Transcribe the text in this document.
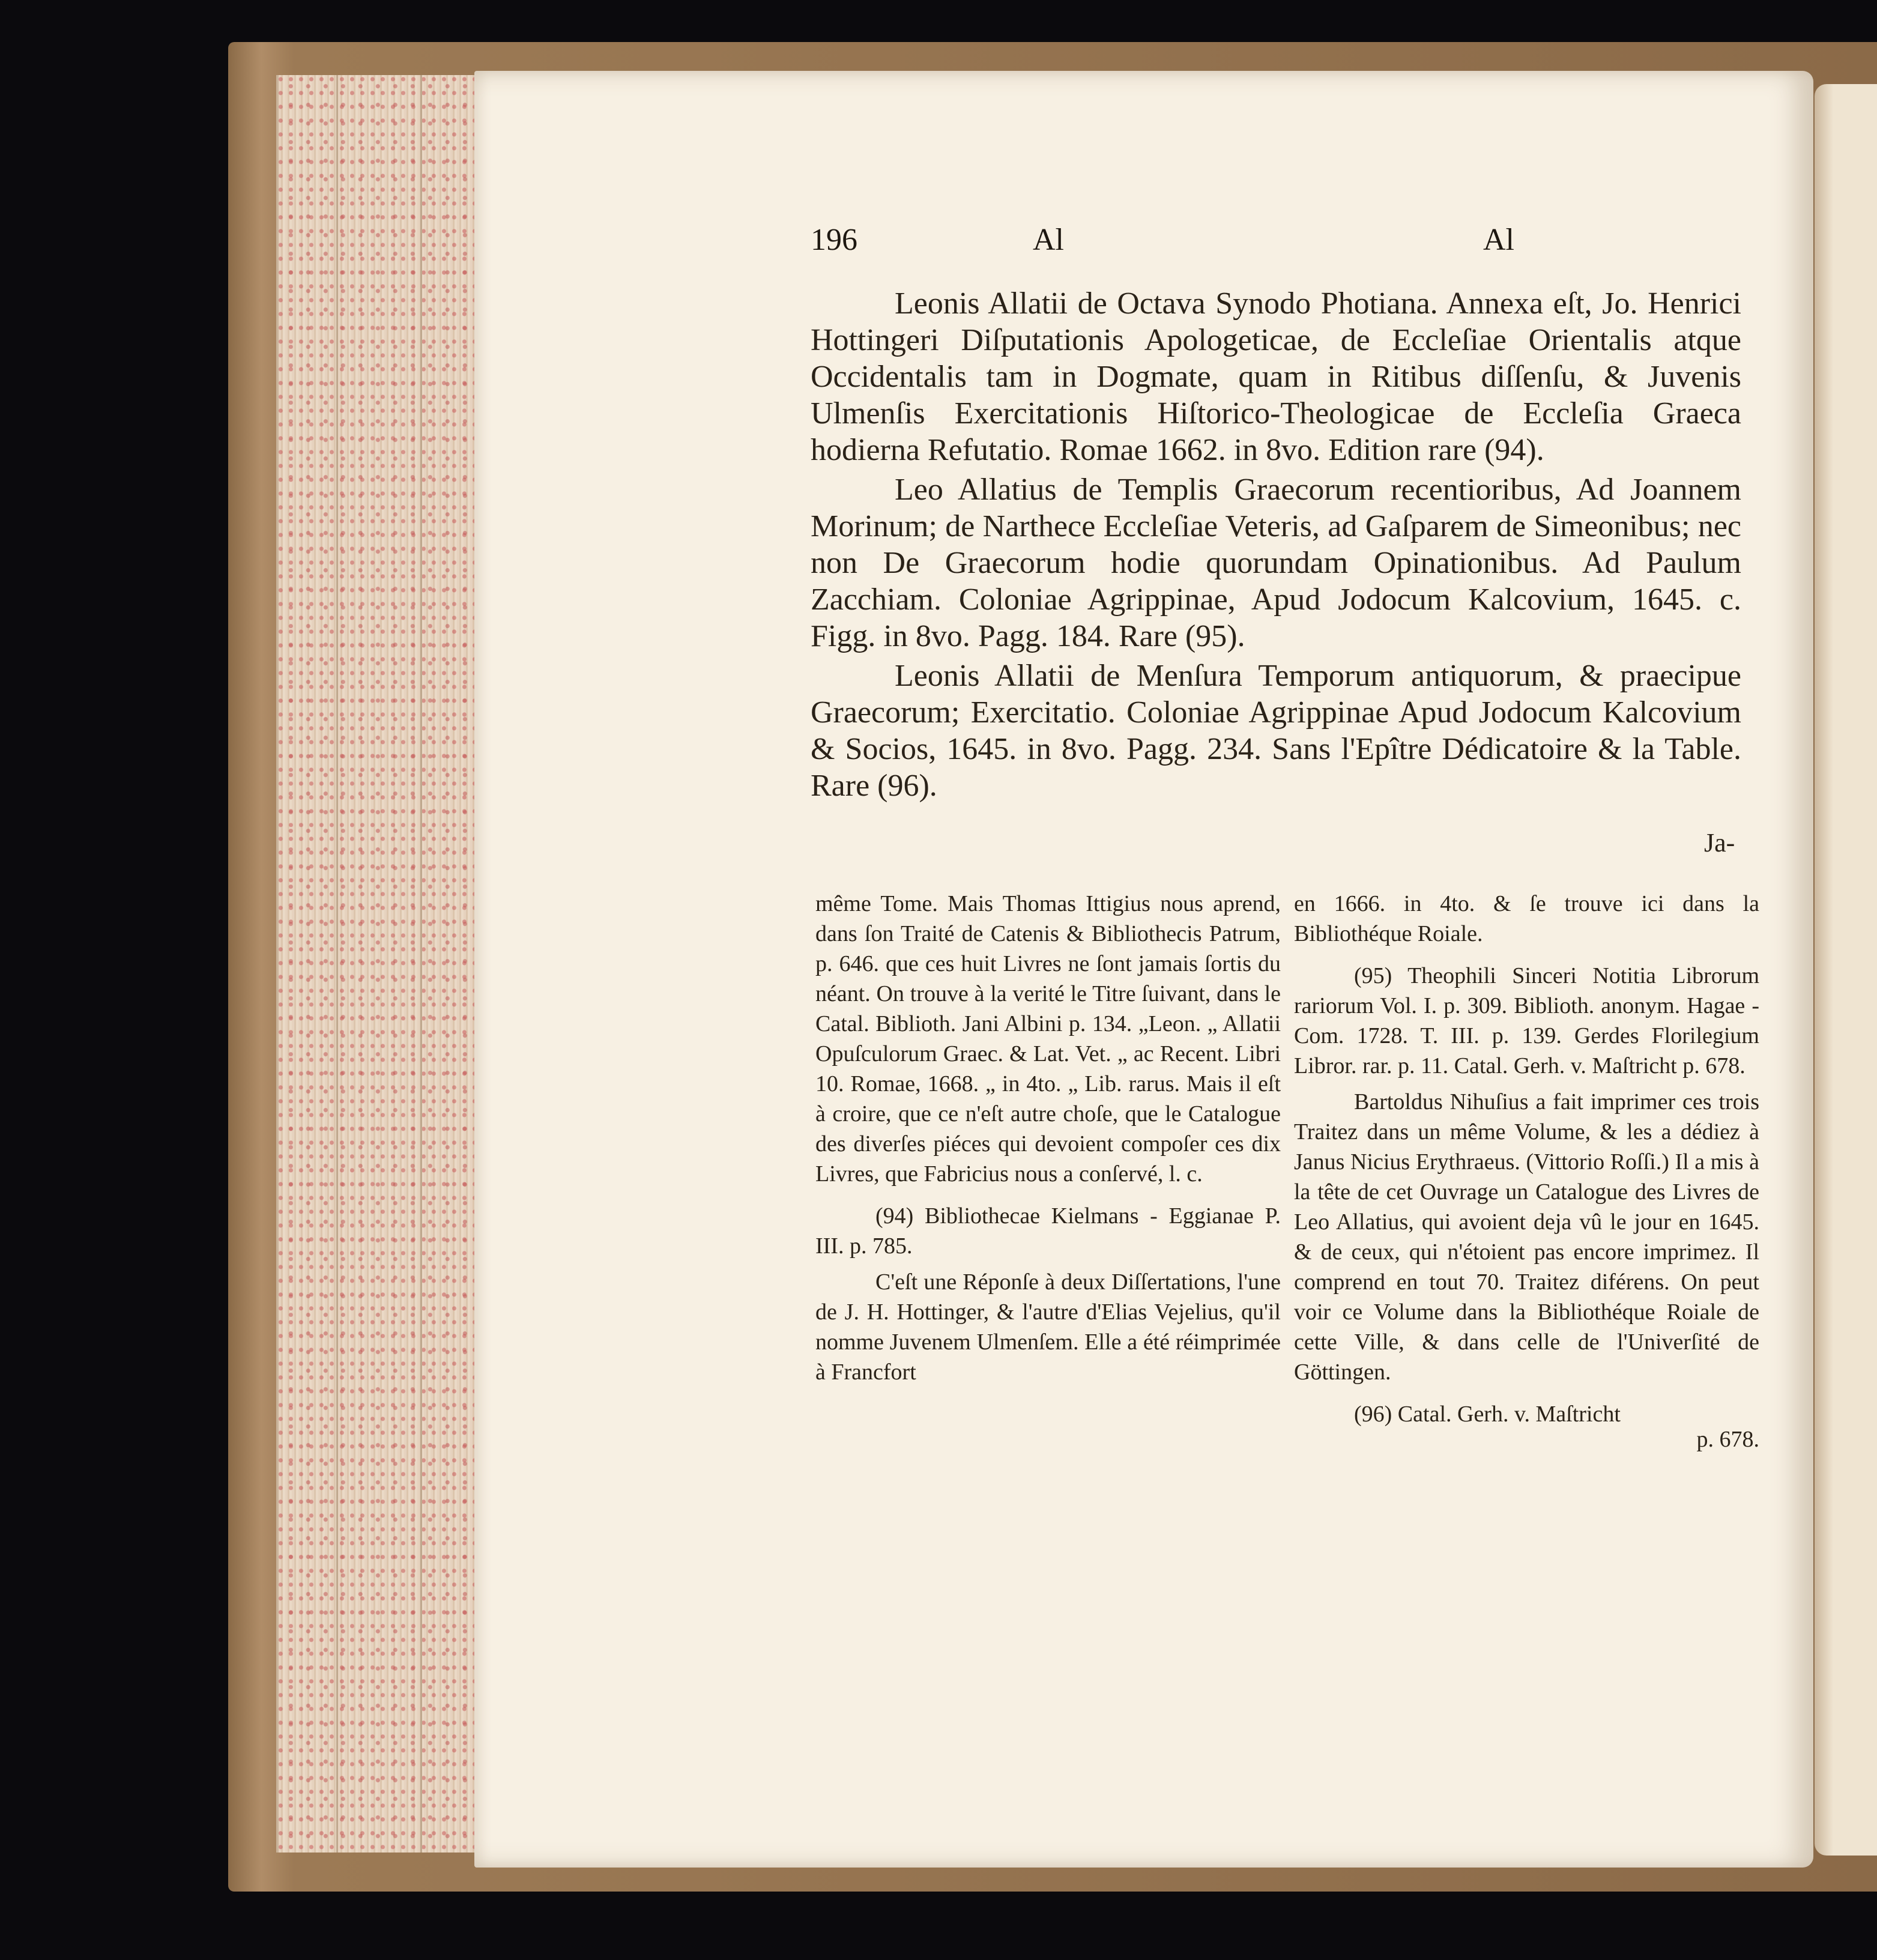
196	Al	Al

Leonis Allatii de Octava Synodo Photiana. Annexa eſt, Jo. Henrici Hottingeri Diſputationis Apologeticae, de Eccleſiae Orientalis atque Occidentalis tam in Dogmate, quam in Ritibus diſſenſu, & Juvenis Ulmenſis Exercitationis Hiſtorico-Theologicae de Eccleſia Graeca hodierna Refutatio. Romae 1662. in 8vo. Edition rare (94).

Leo Allatius de Templis Graecorum recentioribus, Ad Joannem Morinum; de Narthece Eccleſiae Veteris, ad Gaſparem de Simeonibus; nec non De Graecorum hodie quorundam Opinationibus. Ad Paulum Zacchiam. Coloniae Agrippinae, Apud Jodocum Kalcovium, 1645. c. Figg. in 8vo. Pagg. 184. Rare (95).

Leonis Allatii de Menſura Temporum antiquorum, & praecipue Graecorum; Exercitatio. Coloniae Agrippinae Apud Jodocum Kalcovium & Socios, 1645. in 8vo. Pagg. 234. Sans l'Epître Dédicatoire & la Table. Rare (96).

Ja-

même Tome. Mais Thomas Ittigius nous aprend, dans ſon Traité de Catenis & Bibliothecis Patrum, p. 646. que ces huit Livres ne ſont jamais ſortis du néant. On trouve à la verité le Titre ſuivant, dans le Catal. Biblioth. Jani Albini p. 134. „Leon. „ Allatii Opuſculorum Graec. & Lat. Vet. „ ac Recent. Libri 10. Romae, 1668. „ in 4to. „ Lib. rarus. Mais il eſt à croire, que ce n'eſt autre choſe, que le Catalogue des diverſes piéces qui devoient compoſer ces dix Livres, que Fabricius nous a conſervé, l. c.

(94) Bibliothecae Kielmans - Eggianae P. III. p. 785.

C'eſt une Réponſe à deux Diſſertations, l'une de J. H. Hottinger, & l'autre d'Elias Vejelius, qu'il nomme Juvenem Ulmenſem. Elle a été réimprimée à Francfort

en 1666. in 4to. & ſe trouve ici dans la Bibliothéque Roiale.

(95) Theophili Sinceri Notitia Librorum rariorum Vol. I. p. 309. Biblioth. anonym. Hagae - Com. 1728. T. III. p. 139. Gerdes Florilegium Libror. rar. p. 11. Catal. Gerh. v. Maſtricht p. 678.

Bartoldus Nihuſius a fait imprimer ces trois Traitez dans un même Volume, & les a dédiez à Janus Nicius Erythraeus. (Vittorio Roſſi.) Il a mis à la tête de cet Ouvrage un Catalogue des Livres de Leo Allatius, qui avoient deja vû le jour en 1645. & de ceux, qui n'étoient pas encore imprimez. Il comprend en tout 70. Traitez diférens. On peut voir ce Volume dans la Bibliothéque Roiale de cette Ville, & dans celle de l'Univerſité de Göttingen.

(96) Catal. Gerh. v. Maſtricht

p. 678.
